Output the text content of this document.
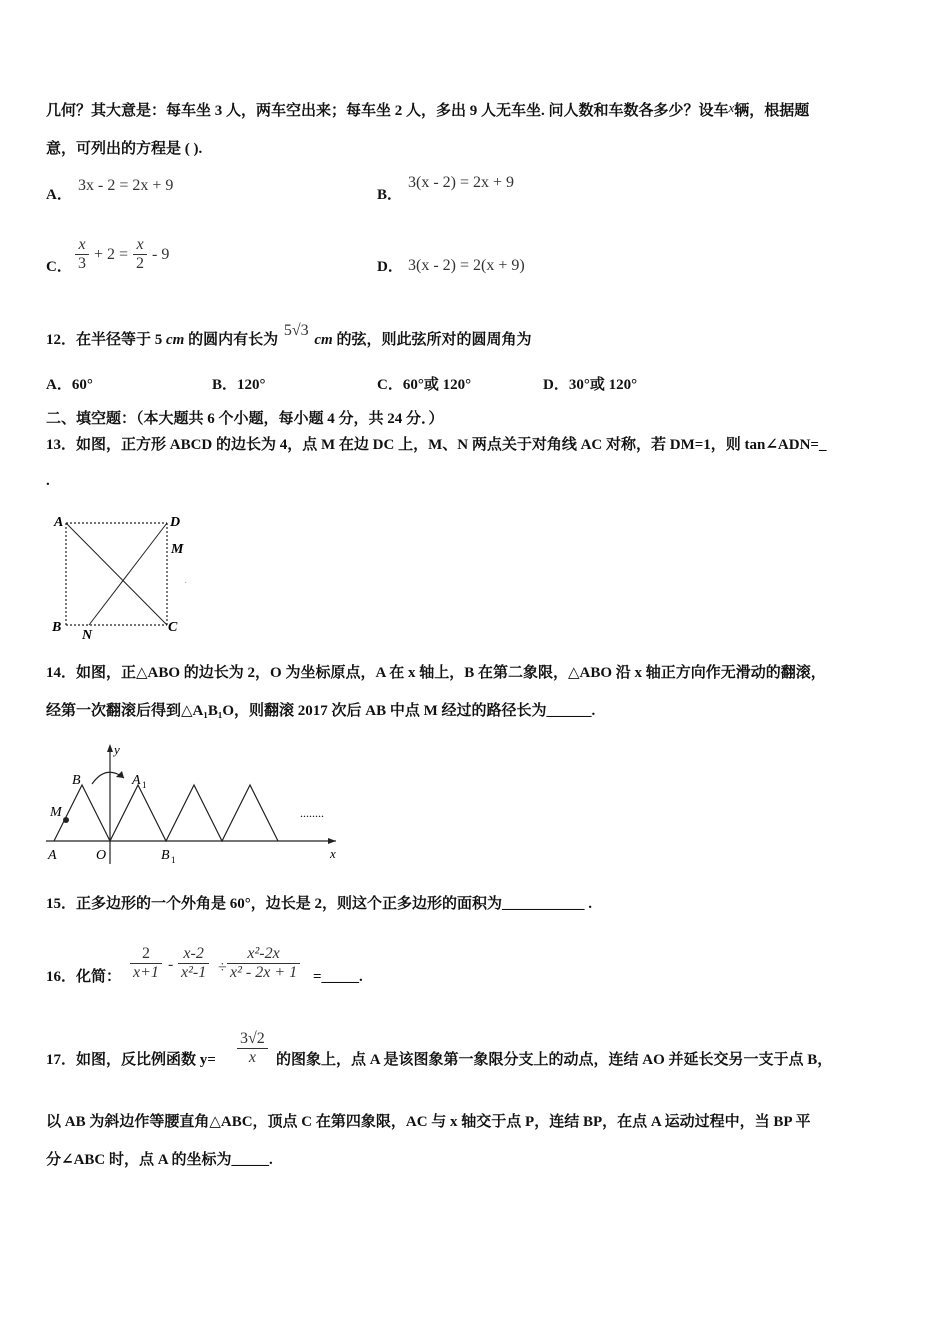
几何？其大意是：每车坐 3 人，两车空出来；每车坐 2 人，多出 9 人无车坐. 问人数和车数各多少？设车x辆，根据题
意，可列出的方程是 ( ).
A．
3x - 2 = 2x + 9
B．
3(x - 2) = 2x + 9
C．
x
3
+ 2 =
x
2
- 9
D． 3(x - 2) = 2(x + 9)
12．在半径等于 5 cm 的圆内有长为 5√3 cm 的弦，则此弦所对的圆周角为
A．60°	B．120°	C．60°或 120°	D．30°或 120°
二、填空题：（本大题共 6 个小题，每小题 4 分，共 24 分．）
13．如图，正方形 ABCD 的边长为 4，点 M 在边 DC 上，M、N 两点关于对角线 AC 对称，若 DM=1，则 tan∠ADN=_
.
A	D
M
B	C
N
·
14．如图，正△ABO 的边长为 2，O 为坐标原点，A 在 x 轴上，B 在第二象限，△ABO 沿 x 轴正方向作无滑动的翻滚，
经第一次翻滚后得到△A₁B₁O，则翻滚 2017 次后 AB 中点 M 经过的路径长为______.
y
x
B	A 1
M
A	O	B 1
........
15．正多边形的一个外角是 60°，边长是 2，则这个正多边形的面积为___________ .
16．化简：
2
x+1 -
x-2
x²-1 ÷
x²-2x
x² - 2x + 1 =_____.
17．如图，反比例函数 y=
3√2
x 的图象上，点 A 是该图象第一象限分支上的动点，连结 AO 并延长交另一支于点 B，
以 AB 为斜边作等腰直角△ABC，顶点 C 在第四象限，AC 与 x 轴交于点 P，连结 BP，在点 A 运动过程中，当 BP 平
分∠ABC 时，点 A 的坐标为_____.
